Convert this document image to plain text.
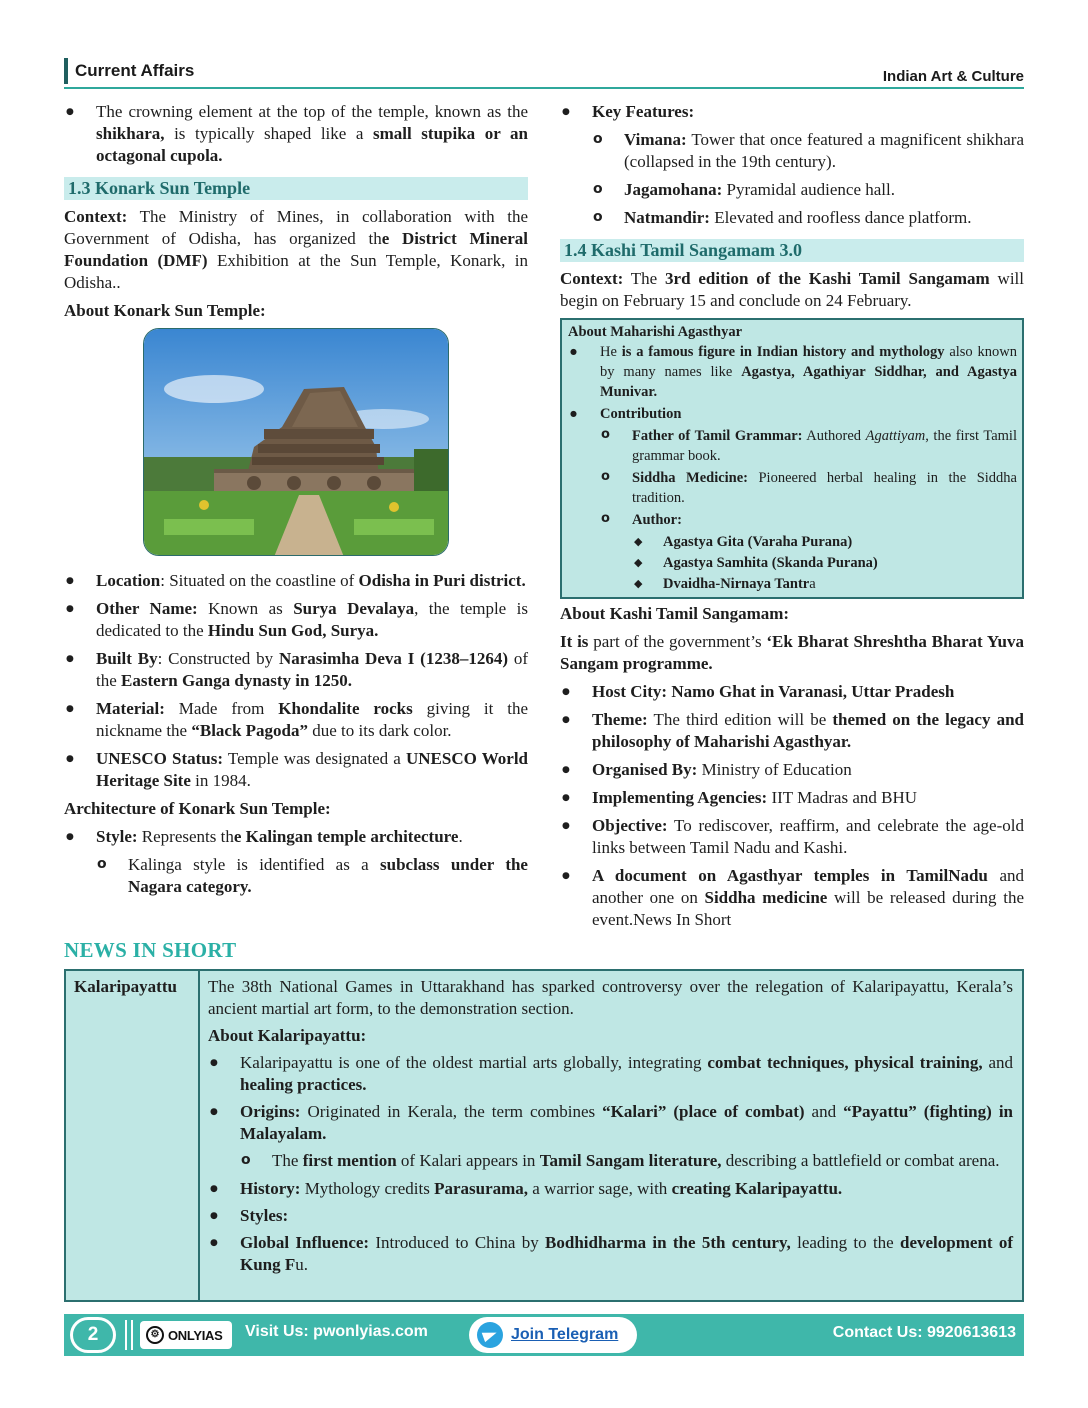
Current Affairs	Indian Art & Culture
● The crowning element at the top of the temple, known as the shikhara, is typically shaped like a small stupika or an octagonal cupola.
1.3 Konark Sun Temple

Context: The Ministry of Mines, in collaboration with the Government of Odisha, has organized the District Mineral Foundation (DMF) Exhibition at the Sun Temple, Konark, in Odisha..

About Konark Sun Temple:

● Location: Situated on the coastline of Odisha in Puri district.
● Other Name: Known as Surya Devalaya, the temple is dedicated to the Hindu Sun God, Surya.
● Built By: Constructed by Narasimha Deva I (1238–1264) of the Eastern Ganga dynasty in 1250.
● Material: Made from Khondalite rocks giving it the nickname the “Black Pagoda” due to its dark color.
● UNESCO Status: Temple was designated a UNESCO World Heritage Site in 1984.

Architecture of Konark Sun Temple:

● Style: Represents the Kalingan temple architecture.
o Kalinga style is identified as a subclass under the Nagara category.
● Key Features:
o Vimana: Tower that once featured a magnificent shikhara (collapsed in the 19th century).
o Jagamohana: Pyramidal audience hall.
o Natmandir: Elevated and roofless dance platform.
1.4 Kashi Tamil Sangamam 3.0

Context: The 3rd edition of the Kashi Tamil Sangamam will begin on February 15 and conclude on 24 February.

About Maharishi Agasthyar
● He is a famous figure in Indian history and mythology also known by many names like Agastya, Agathiyar Siddhar, and Agastya Munivar.
● Contribution
o Father of Tamil Grammar: Authored Agattiyam, the first Tamil grammar book.
o Siddha Medicine: Pioneered herbal healing in the Siddha tradition.
o Author:
◆ Agastya Gita (Varaha Purana)
◆ Agastya Samhita (Skanda Purana)
◆ Dvaidha-Nirnaya Tantra

About Kashi Tamil Sangamam:

It is part of the government’s ‘Ek Bharat Shreshtha Bharat Yuva Sangam programme.

● Host City: Namo Ghat in Varanasi, Uttar Pradesh
● Theme: The third edition will be themed on the legacy and philosophy of Maharishi Agasthyar.
● Organised By: Ministry of Education
● Implementing Agencies: IIT Madras and BHU
● Objective: To rediscover, reaffirm, and celebrate the age-old links between Tamil Nadu and Kashi.
● A document on Agasthyar temples in TamilNadu and another one on Siddha medicine will be released during the event.News In Short
NEWS IN SHORT
Kalaripayattu	The 38th National Games in Uttarakhand has sparked controversy over the relegation of Kalaripayattu, Kerala’s ancient martial art form, to the demonstration section.

About Kalaripayattu:

● Kalaripayattu is one of the oldest martial arts globally, integrating combat techniques, physical training, and healing practices.
● Origins: Originated in Kerala, the term combines “Kalari” (place of combat) and “Payattu” (fighting) in Malayalam.
o The first mention of Kalari appears in Tamil Sangam literature, describing a battlefield or combat arena.
● History: Mythology credits Parasurama, a warrior sage, with creating Kalaripayattu.
● Styles:
● Global Influence: Introduced to China by Bodhidharma in the 5th century, leading to the development of Kung Fu.
2	⚙ ONLYIAS Visit Us: pwonlyias.com	Join Telegram	Contact Us: 9920613613
